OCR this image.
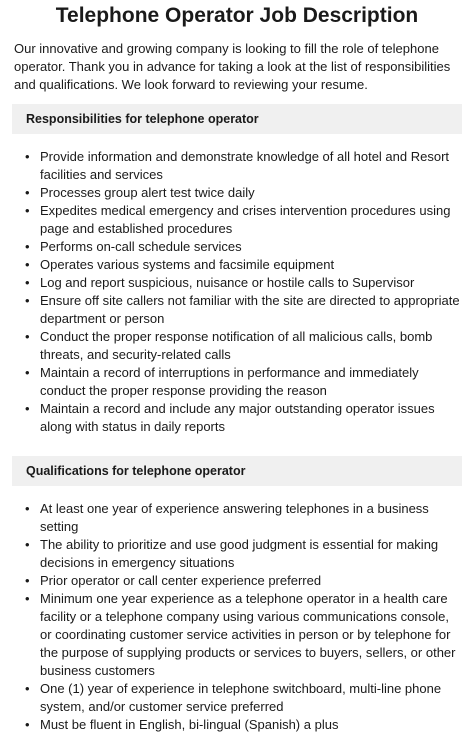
Telephone Operator Job Description

Our innovative and growing company is looking to fill the role of telephone operator. Thank you in advance for taking a look at the list of responsibilities and qualifications. We look forward to reviewing your resume.

Responsibilities for telephone operator
• Provide information and demonstrate knowledge of all hotel and Resort facilities and services
• Processes group alert test twice daily
• Expedites medical emergency and crises intervention procedures using page and established procedures
• Performs on-call schedule services
• Operates various systems and facsimile equipment
• Log and report suspicious, nuisance or hostile calls to Supervisor
• Ensure off site callers not familiar with the site are directed to appropriate department or person
• Conduct the proper response notification of all malicious calls, bomb threats, and security-related calls
• Maintain a record of interruptions in performance and immediately conduct the proper response providing the reason
• Maintain a record and include any major outstanding operator issues along with status in daily reports
Qualifications for telephone operator
• At least one year of experience answering telephones in a business setting
• The ability to prioritize and use good judgment is essential for making decisions in emergency situations
• Prior operator or call center experience preferred
• Minimum one year experience as a telephone operator in a health care facility or a telephone company using various communications console, or coordinating customer service activities in person or by telephone for the purpose of supplying products or services to buyers, sellers, or other business customers
• One (1) year of experience in telephone switchboard, multi-line phone system, and/or customer service preferred
• Must be fluent in English, bi-lingual (Spanish) a plus
